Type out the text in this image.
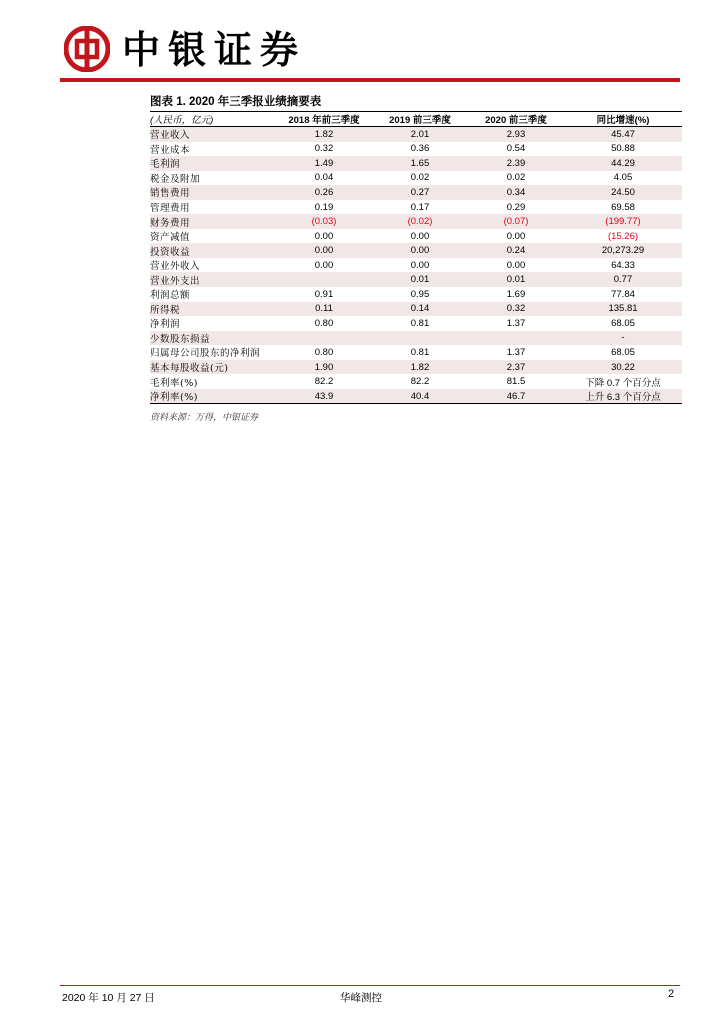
中银证券
图表 1. 2020 年三季报业绩摘要表
(人民币，亿元)	2018 年前三季度	2019 前三季度	2020 前三季度	同比增速(%)
营业收入	1.82	2.01	2.93	45.47
营业成本	0.32	0.36	0.54	50.88
毛利润	1.49	1.65	2.39	44.29
税金及附加	0.04	0.02	0.02	4.05
销售费用	0.26	0.27	0.34	24.50
管理费用	0.19	0.17	0.29	69.58
财务费用	(0.03)	(0.02)	(0.07)	(199.77)
资产减值	0.00	0.00	0.00	(15.26)
投资收益	0.00	0.00	0.24	20,273.29
营业外收入	0.00	0.00	0.00	64.33
营业外支出		0.01	0.01	0.77
利润总额	0.91	0.95	1.69	77.84
所得税	0.11	0.14	0.32	135.81
净利润	0.80	0.81	1.37	68.05
少数股东损益				-
归属母公司股东的净利润	0.80	0.81	1.37	68.05
基本每股收益(元)	1.90	1.82	2.37	30.22
毛利率(%)	82.2	82.2	81.5	下降 0.7 个百分点
净利率(%)	43.9	40.4	46.7	上升 6.3 个百分点
资料来源：万得，中银证券
2020 年 10 月 27 日	华峰测控	2
